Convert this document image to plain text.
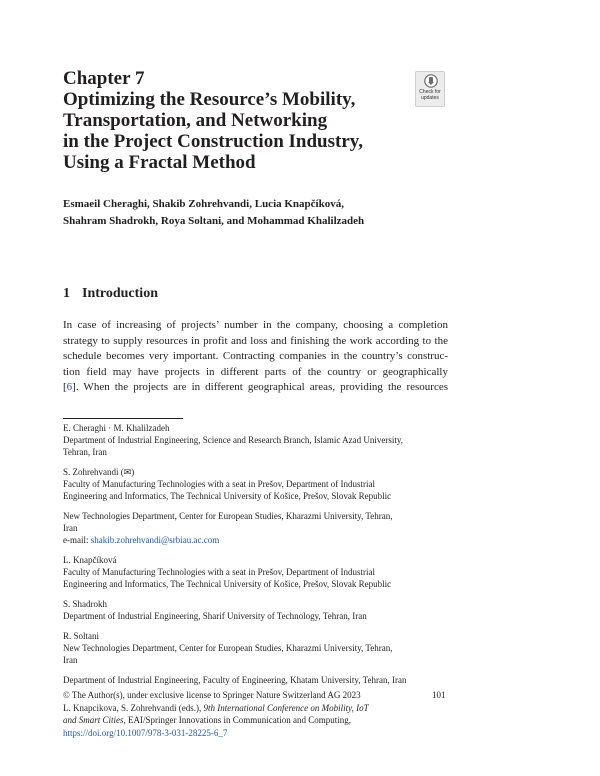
Chapter 7
Optimizing the Resource’s Mobility,
Transportation, and Networking
in the Project Construction Industry,
Using a Fractal Method
Check for
updates
Esmaeil Cheraghi, Shakib Zohrehvandi, Lucia Knapčíková,
Shahram Shadrokh, Roya Soltani, and Mohammad Khalilzadeh
1 Introduction
In case of increasing of projects’ number in the company, choosing a completion
strategy to supply resources in profit and loss and finishing the work according to the
schedule becomes very important. Contracting companies in the country’s construc-
tion field may have projects in different parts of the country or geographically
[6]. When the projects are in different geographical areas, providing the resources
E. Cheraghi · M. Khalilzadeh
Department of Industrial Engineering, Science and Research Branch, Islamic Azad University,
Tehran, Iran
S. Zohrehvandi (✉)
Faculty of Manufacturing Technologies with a seat in Prešov, Department of Industrial
Engineering and Informatics, The Technical University of Košice, Prešov, Slovak Republic
New Technologies Department, Center for European Studies, Kharazmi University, Tehran,
Iran
e-mail: shakib.zohrehvandi@srbiau.ac.com
L. Knapčíková
Faculty of Manufacturing Technologies with a seat in Prešov, Department of Industrial
Engineering and Informatics, The Technical University of Košice, Prešov, Slovak Republic
S. Shadrokh
Department of Industrial Engineering, Sharif University of Technology, Tehran, Iran
R. Soltani
New Technologies Department, Center for European Studies, Kharazmi University, Tehran,
Iran
Department of Industrial Engineering, Faculty of Engineering, Khatam University, Tehran, Iran
© The Author(s), under exclusive license to Springer Nature Switzerland AG 2023
L. Knapcikova, S. Zohrehvandi (eds.), 9th International Conference on Mobility, IoT
and Smart Cities, EAI/Springer Innovations in Communication and Computing,
https://doi.org/10.1007/978-3-031-28225-6_7
101
